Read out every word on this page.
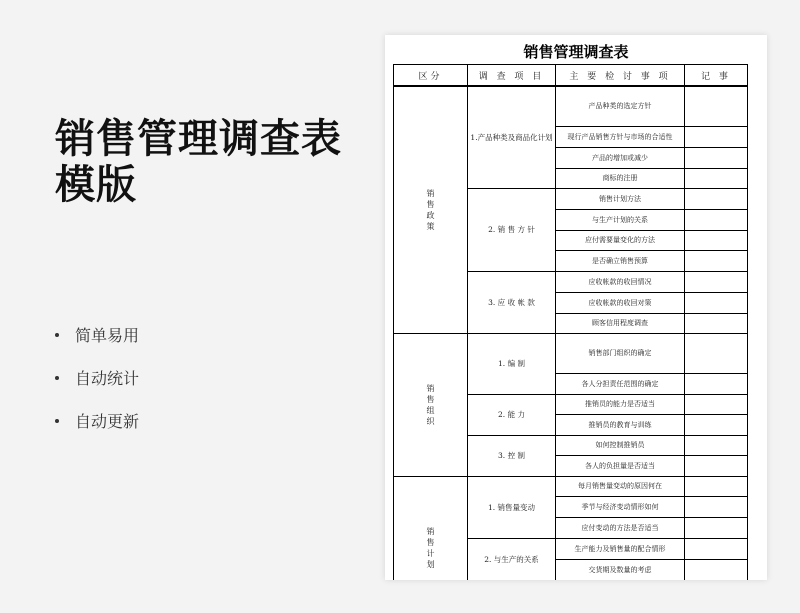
销售管理调查表
模版
简单易用
自动统计
自动更新
销售管理调查表
区分	调 查 项 目	主 要 检 讨 事 项	记 事
销售政策	1.产品种类及商品化计划	产品种类的选定方针	
		现行产品销售方针与市场的合适性	
		产品的增加或减少	
		商标的注册	
	2. 销 售 方 针	销售计划方法	
		与生产计划的关系	
		应付需要量变化的方法	
		是否确立销售预算	
	3. 应 收 帐 款	应收帐款的收回情况	
		应收帐款的收回对策	
		顾客信用程度调查	
销售组织	1. 编 制	销售部门组织的确定	
		各人分担责任范围的确定	
	2. 能 力	推销员的能力是否适当	
		推销员的教育与训练	
	3. 控 制	如何控制推销员	
		各人的负担量是否适当	
销售计划	1. 销售量变动	每月销售量变动的原因何在	
		季节与经济变动情形如何	
		应付变动的方法是否适当	
	2. 与生产的关系	生产能力及销售量的配合情形	
		交货期及数量的考虑	
